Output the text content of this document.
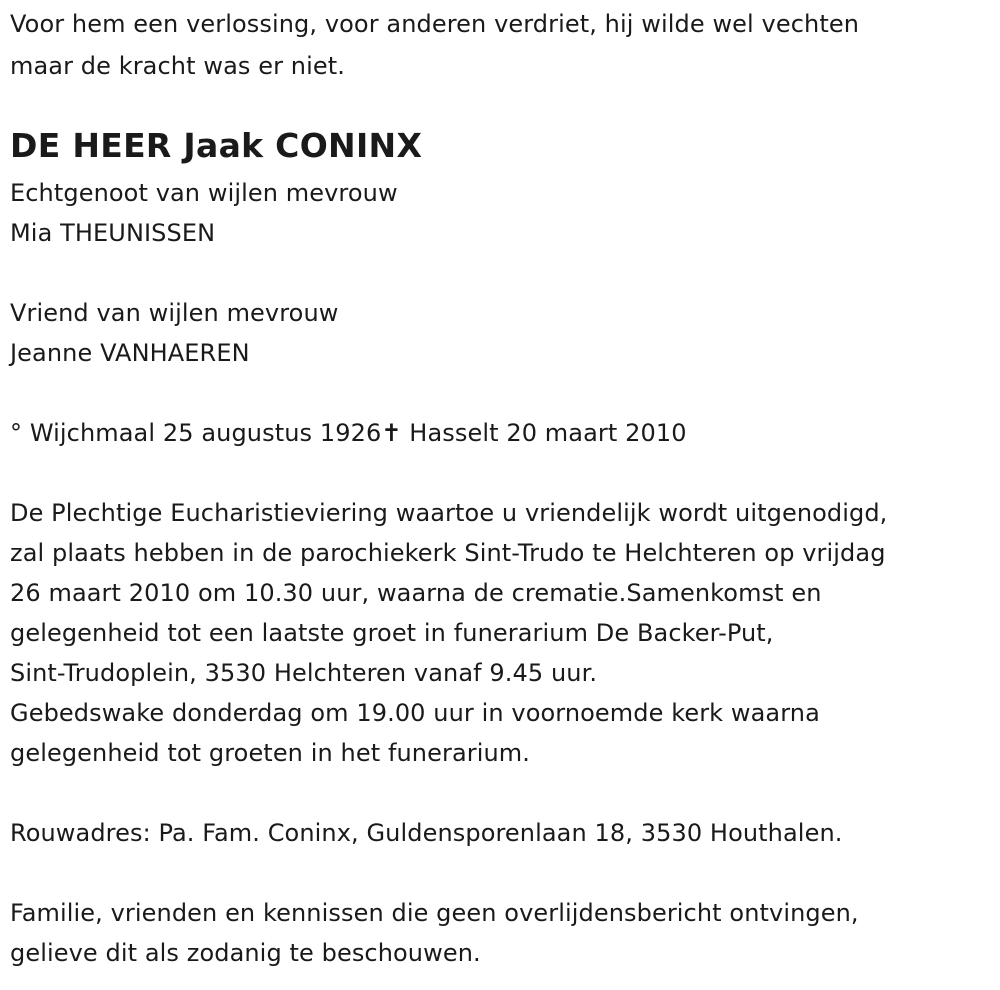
Voor hem een verlossing, voor anderen verdriet, hij wilde wel vechten
maar de kracht was er niet.
DE HEER Jaak CONINX
Echtgenoot van wijlen mevrouw
Mia THEUNISSEN
Vriend van wijlen mevrouw
Jeanne VANHAEREN
° Wijchmaal 25 augustus 1926✝ Hasselt 20 maart 2010
De Plechtige Eucharistieviering waartoe u vriendelijk wordt uitgenodigd,
zal plaats hebben in de parochiekerk Sint-Trudo te Helchteren op vrijdag
26 maart 2010 om 10.30 uur, waarna de crematie.Samenkomst en
gelegenheid tot een laatste groet in funerarium De Backer-Put,
Sint-Trudoplein, 3530 Helchteren vanaf 9.45 uur.
Gebedswake donderdag om 19.00 uur in voornoemde kerk waarna
gelegenheid tot groeten in het funerarium.
Rouwadres: Pa. Fam. Coninx, Guldensporenlaan 18, 3530 Houthalen.
Familie, vrienden en kennissen die geen overlijdensbericht ontvingen,
gelieve dit als zodanig te beschouwen.
